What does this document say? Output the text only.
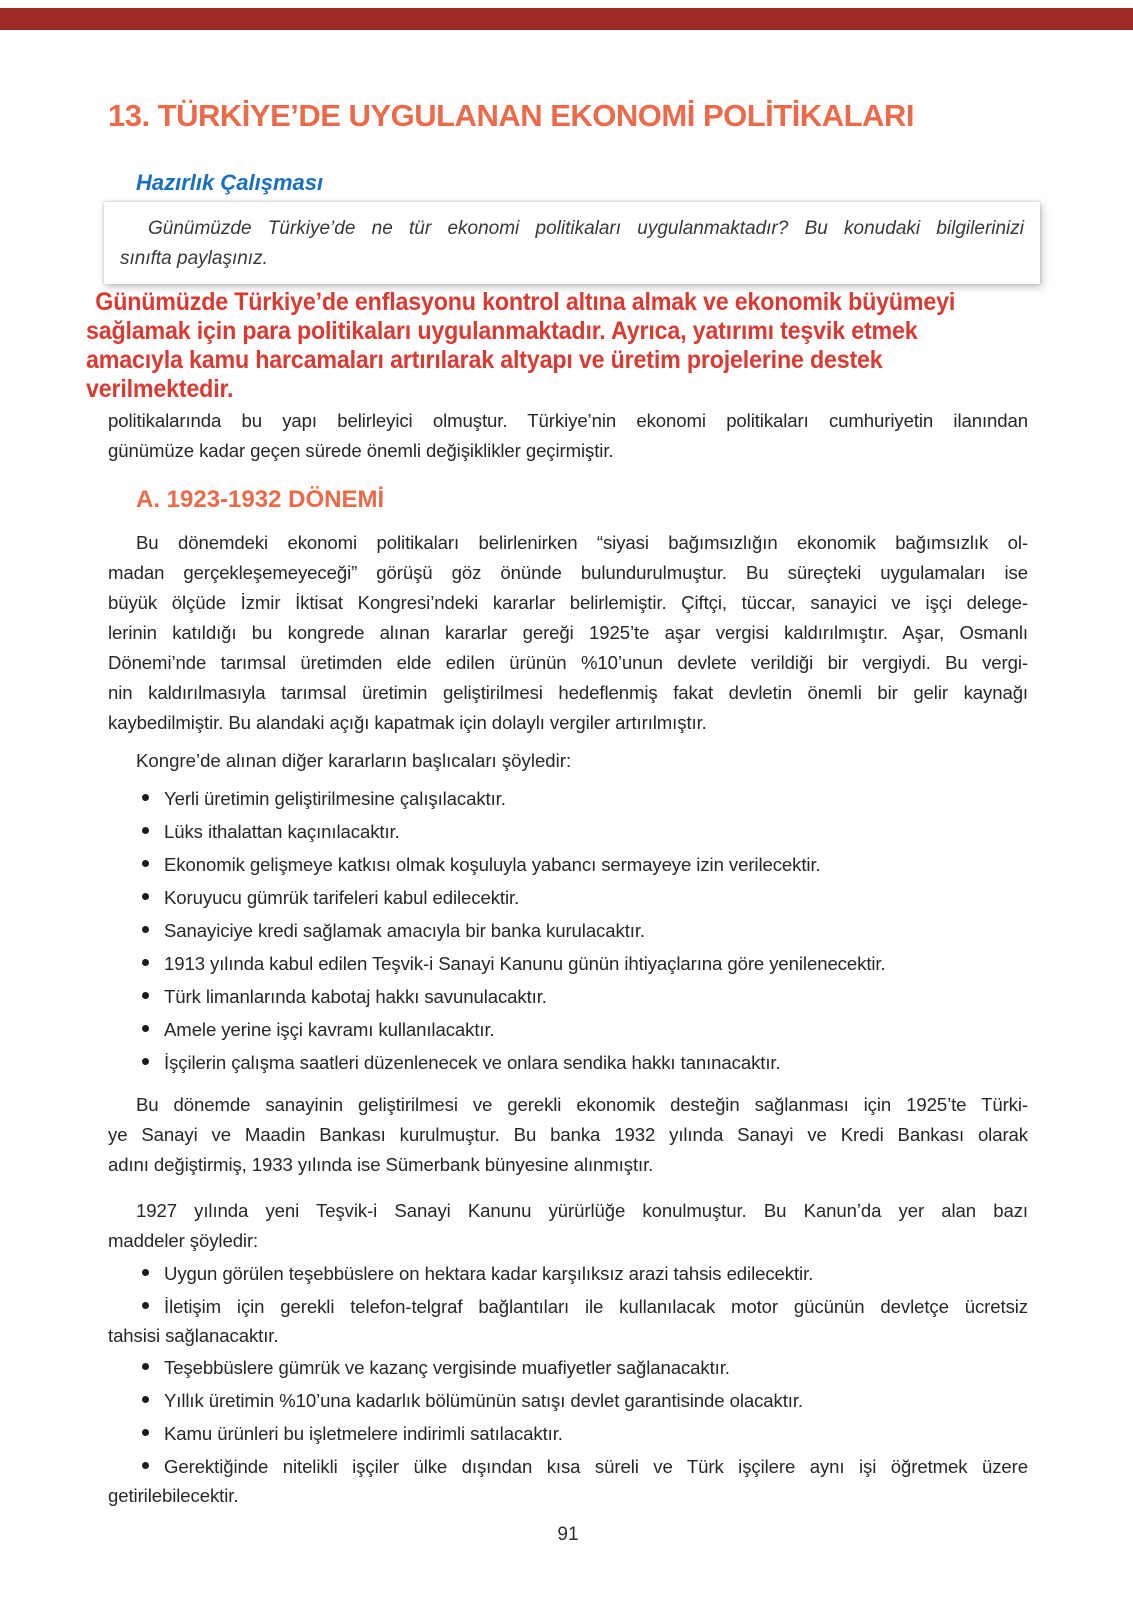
13. TÜRKİYE’DE UYGULANAN EKONOMİ POLİTİKALARI
Hazırlık Çalışması
Günümüzde Türkiye’de ne tür ekonomi politikaları uygulanmaktadır? Bu konudaki bilgilerinizi
sınıfta paylaşınız.
Günümüzde Türkiye’de enflasyonu kontrol altına almak ve ekonomik büyümeyi
sağlamak için para politikaları uygulanmaktadır. Ayrıca, yatırımı teşvik etmek
amacıyla kamu harcamaları artırılarak altyapı ve üretim projelerine destek
verilmektedir.
politikalarında bu yapı belirleyici olmuştur. Türkiye’nin ekonomi politikaları cumhuriyetin ilanından
günümüze kadar geçen sürede önemli değişiklikler geçirmiştir.
A. 1923-1932 DÖNEMİ
Bu dönemdeki ekonomi politikaları belirlenirken “siyasi bağımsızlığın ekonomik bağımsızlık ol-
madan gerçekleşemeyeceği” görüşü göz önünde bulundurulmuştur. Bu süreçteki uygulamaları ise
büyük ölçüde İzmir İktisat Kongresi’ndeki kararlar belirlemiştir. Çiftçi, tüccar, sanayici ve işçi delege-
lerinin katıldığı bu kongrede alınan kararlar gereği 1925’te aşar vergisi kaldırılmıştır. Aşar, Osmanlı
Dönemi’nde tarımsal üretimden elde edilen ürünün %10’unun devlete verildiği bir vergiydi. Bu vergi-
nin kaldırılmasıyla tarımsal üretimin geliştirilmesi hedeflenmiş fakat devletin önemli bir gelir kaynağı
kaybedilmiştir. Bu alandaki açığı kapatmak için dolaylı vergiler artırılmıştır.
Kongre’de alınan diğer kararların başlıcaları şöyledir:
Yerli üretimin geliştirilmesine çalışılacaktır.
Lüks ithalattan kaçınılacaktır.
Ekonomik gelişmeye katkısı olmak koşuluyla yabancı sermayeye izin verilecektir.
Koruyucu gümrük tarifeleri kabul edilecektir.
Sanayiciye kredi sağlamak amacıyla bir banka kurulacaktır.
1913 yılında kabul edilen Teşvik-i Sanayi Kanunu günün ihtiyaçlarına göre yenilenecektir.
Türk limanlarında kabotaj hakkı savunulacaktır.
Amele yerine işçi kavramı kullanılacaktır.
İşçilerin çalışma saatleri düzenlenecek ve onlara sendika hakkı tanınacaktır.
Bu dönemde sanayinin geliştirilmesi ve gerekli ekonomik desteğin sağlanması için 1925’te Türki-
ye Sanayi ve Maadin Bankası kurulmuştur. Bu banka 1932 yılında Sanayi ve Kredi Bankası olarak
adını değiştirmiş, 1933 yılında ise Sümerbank bünyesine alınmıştır.
1927 yılında yeni Teşvik-i Sanayi Kanunu yürürlüğe konulmuştur. Bu Kanun’da yer alan bazı
maddeler şöyledir:
Uygun görülen teşebbüslere on hektara kadar karşılıksız arazi tahsis edilecektir.
İletişim için gerekli telefon-telgraf bağlantıları ile kullanılacak motor gücünün devletçe ücretsiz
tahsisi sağlanacaktır.
Teşebbüslere gümrük ve kazanç vergisinde muafiyetler sağlanacaktır.
Yıllık üretimin %10’una kadarlık bölümünün satışı devlet garantisinde olacaktır.
Kamu ürünleri bu işletmelere indirimli satılacaktır.
Gerektiğinde nitelikli işçiler ülke dışından kısa süreli ve Türk işçilere aynı işi öğretmek üzere
getirilebilecektir.
91
